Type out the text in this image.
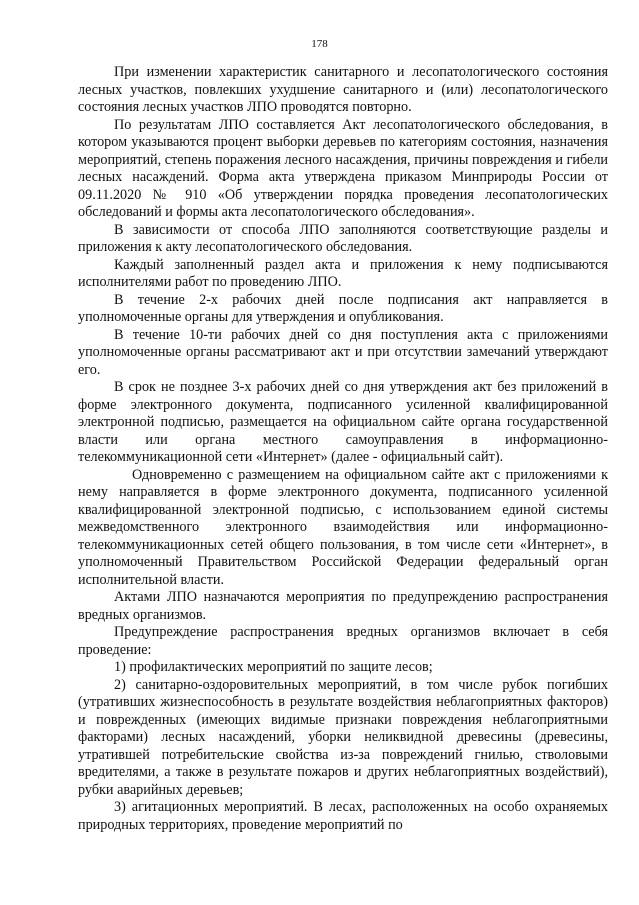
178

При изменении характеристик санитарного и лесопатологического состояния лесных участков, повлекших ухудшение санитарного и (или) лесопатологического состояния лесных участков ЛПО проводятся повторно.

По результатам ЛПО составляется Акт лесопатологического обследования, в котором указываются процент выборки деревьев по категориям состояния, назначения мероприятий, степень поражения лесного насаждения, причины повреждения и гибели лесных насаждений. Форма акта утверждена приказом Минприроды России от 09.11.2020 № 910 «Об утверждении порядка проведения лесопатологических обследований и формы акта лесопатологического обследования».

В зависимости от способа ЛПО заполняются соответствующие разделы и приложения к акту лесопатологического обследования.

Каждый заполненный раздел акта и приложения к нему подписываются исполнителями работ по проведению ЛПО.

В течение 2-х рабочих дней после подписания акт направляется в уполномоченные органы для утверждения и опубликования.

В течение 10-ти рабочих дней со дня поступления акта с приложениями уполномоченные органы рассматривают акт и при отсутствии замечаний утверждают его.

В срок не позднее 3-х рабочих дней со дня утверждения акт без приложений в форме электронного документа, подписанного усиленной квалифицированной электронной подписью, размещается на официальном сайте органа государственной власти или органа местного самоуправления в информационно-телекоммуникационной сети «Интернет» (далее - официальный сайт).

Одновременно с размещением на официальном сайте акт с приложениями к нему направляется в форме электронного документа, подписанного усиленной квалифицированной электронной подписью, с использованием единой системы межведомственного электронного взаимодействия или информационно-телекоммуникационных сетей общего пользования, в том числе сети «Интернет», в уполномоченный Правительством Российской Федерации федеральный орган исполнительной власти.

Актами ЛПО назначаются мероприятия по предупреждению распространения вредных организмов.

Предупреждение распространения вредных организмов включает в себя проведение:

1) профилактических мероприятий по защите лесов;

2) санитарно-оздоровительных мероприятий, в том числе рубок погибших (утративших жизнеспособность в результате воздействия неблагоприятных факторов) и поврежденных (имеющих видимые признаки повреждения неблагоприятными факторами) лесных насаждений, уборки неликвидной древесины (древесины, утратившей потребительские свойства из-за повреждений гнилью, стволовыми вредителями, а также в результате пожаров и других неблагоприятных воздействий), рубки аварийных деревьев;

3) агитационных мероприятий. В лесах, расположенных на особо охраняемых природных территориях, проведение мероприятий по
